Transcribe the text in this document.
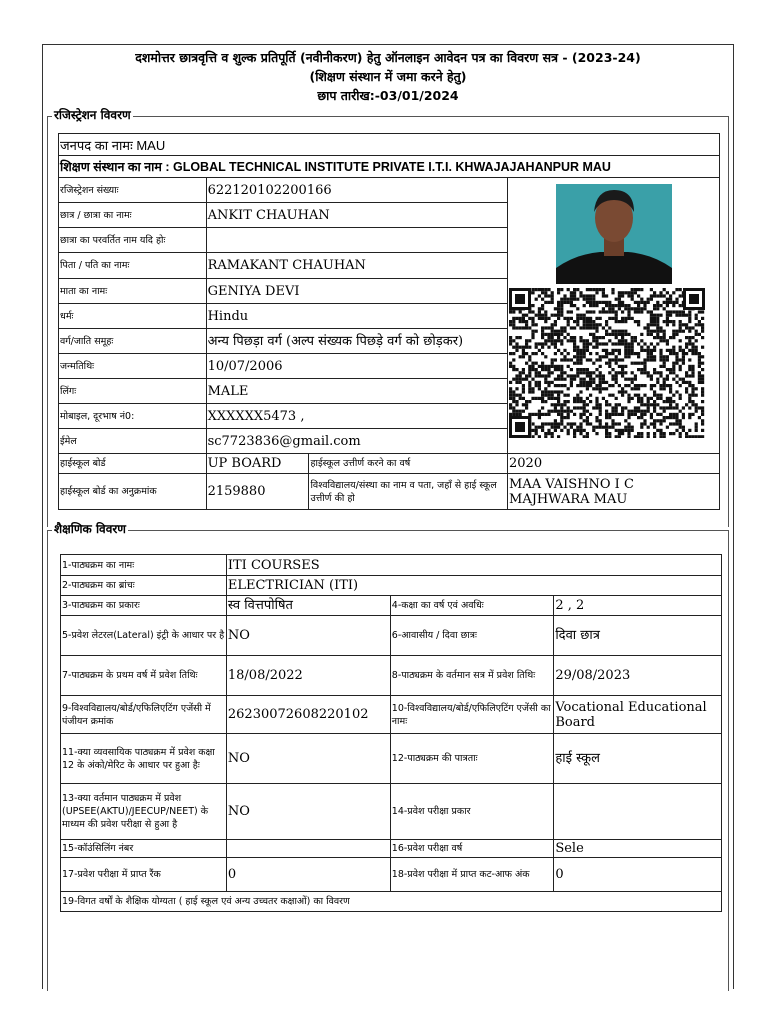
दशमोत्तर छात्रवृत्ति व शुल्क प्रतिपूर्ति (नवीनीकरण) हेतु ऑनलाइन आवेदन पत्र का विवरण सत्र - (2023-24)
(शिक्षण संस्थान में जमा करने हेतु)
छाप तारीख:-03/01/2024
रजिस्ट्रेशन विवरण
जनपद का नामः MAU			
शिक्षण संस्थान का नाम : GLOBAL TECHNICAL INSTITUTE PRIVATE I.T.I. KHWAJAJAHANPUR MAU			
रजिस्ट्रेशन संख्याः	622120102200166	

छात्र / छात्रा का नामः	ANKIT CHAUHAN		
छात्रा का परवर्तित नाम यदि होः			
पिता / पति का नामः	RAMAKANT CHAUHAN		
माता का नामः	GENIYA DEVI		
धर्मः	Hindu		
वर्ग/जाति समूहः	अन्य पिछड़ा वर्ग (अल्प संख्यक पिछड़े वर्ग को छोड़कर)		
जन्मतिथिः	10/07/2006		
लिंगः	MALE		
मोबाइल, दूरभाष नं0:	XXXXXX5473 ,		
ईमेल	sc7723836@gmail.com		
हाईस्कूल बोर्ड	UP BOARD	हाईस्कूल उत्तीर्ण करने का वर्ष	2020
हाईस्कूल बोर्ड का अनुक्रमांक	2159880	विश्वविद्यालय/संस्था का नाम व पता, जहाँ से हाई स्कूल उत्तीर्ण की हो	MAA VAISHNO I C MAJHWARA MAU
शैक्षणिक विवरण
1-पाठ्यक्रम का नामः	ITI COURSES		
2-पाठ्यक्रम का ब्रांचः	ELECTRICIAN (ITI)		
3-पाठ्यक्रम का प्रकारः	स्व वित्तपोषित	4-कक्षा का वर्ष एवं अवधिः	2 , 2
5-प्रवेश लेटरल(Lateral) इंट्री के आधार पर है	NO	6-आवासीय / दिवा छात्रः	दिवा छात्र
7-पाठ्यक्रम के प्रथम वर्ष में प्रवेश तिथिः	18/08/2022	8-पाठ्यक्रम के वर्तमान सत्र में प्रवेश तिथिः	29/08/2023
9-विश्वविद्यालय/बोर्ड/एफिलिएटिंग एजेंसी में पंजीयन क्रमांक	26230072608220102	10-विश्वविद्यालय/बोर्ड/एफिलिएटिंग एजेंसी का नामः	Vocational Educational Board
11-क्या व्यवसायिक पाठ्यक्रम में प्रवेश कक्षा 12 के अंको/मेरिट के आधार पर हुआ हैः	NO	12-पाठ्यक्रम की पात्रताः	हाई स्कूल
13-क्या वर्तमान पाठ्यक्रम में प्रवेश (UPSEE(AKTU)/JEECUP/NEET) के माध्यम की प्रवेश परीक्षा से हुआ है	NO	14-प्रवेश परीक्षा प्रकार	
15-कॉउंसिलिंग नंबर		16-प्रवेश परीक्षा वर्ष	Sele
17-प्रवेश परीक्षा में प्राप्त रैंक	0	18-प्रवेश परीक्षा में प्राप्त कट-आफ अंक	0
19-विगत वर्षों के शैक्षिक योग्यता ( हाई स्कूल एवं अन्य उच्चतर कक्षाओं) का विवरण			
